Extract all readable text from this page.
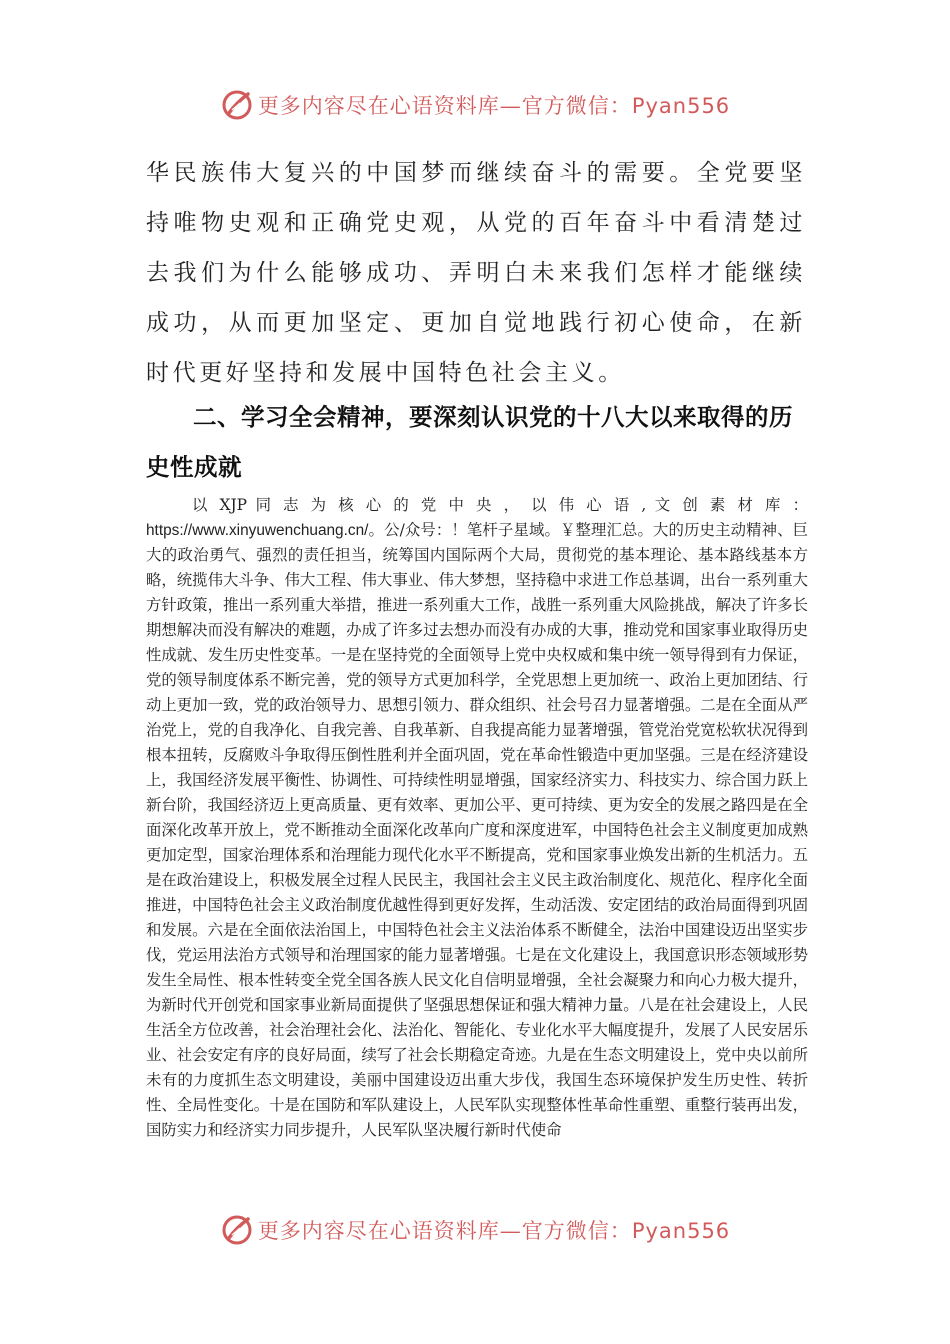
更多内容尽在心语资料库—官方微信：Pyan556

华民族伟大复兴的中国梦而继续奋斗的需要。全党要坚持唯物史观和正确党史观，从党的百年奋斗中看清楚过去我们为什么能够成功、弄明白未来我们怎样才能继续成功，从而更加坚定、更加自觉地践行初心使命，在新时代更好坚持和发展中国特色社会主义。

二、学习全会精神，要深刻认识党的十八大以来取得的历史性成就

以 XJP 同 志 为 核 心 的 党 中 央 ， 以 伟 心 语 , 文 创 素 材 库 ： https://www.xinyuwenchuang.cn/。公/众号：！笔杆子星域。￥整理汇总。大的历史主动精神、巨大的政治勇气、强烈的责任担当，统筹国内国际两个大局，贯彻党的基本理论、基本路线基本方略，统揽伟大斗争、伟大工程、伟大事业、伟大梦想，坚持稳中求进工作总基调，出台一系列重大方针政策，推出一系列重大举措，推进一系列重大工作，战胜一系列重大风险挑战，解决了许多长期想解决而没有解决的难题，办成了许多过去想办而没有办成的大事，推动党和国家事业取得历史性成就、发生历史性变革。一是在坚持党的全面领导上党中央权威和集中统一领导得到有力保证，党的领导制度体系不断完善，党的领导方式更加科学，全党思想上更加统一、政治上更加团结、行动上更加一致，党的政治领导力、思想引领力、群众组织、社会号召力显著增强。二是在全面从严治党上，党的自我净化、自我完善、自我革新、自我提高能力显著增强，管党治党宽松软状况得到根本扭转，反腐败斗争取得压倒性胜利并全面巩固，党在革命性锻造中更加坚强。三是在经济建设上，我国经济发展平衡性、协调性、可持续性明显增强，国家经济实力、科技实力、综合国力跃上新台阶，我国经济迈上更高质量、更有效率、更加公平、更可持续、更为安全的发展之路四是在全面深化改革开放上，党不断推动全面深化改革向广度和深度进军，中国特色社会主义制度更加成熟更加定型，国家治理体系和治理能力现代化水平不断提高，党和国家事业焕发出新的生机活力。五是在政治建设上，积极发展全过程人民民主，我国社会主义民主政治制度化、规范化、程序化全面推进，中国特色社会主义政治制度优越性得到更好发挥，生动活泼、安定团结的政治局面得到巩固和发展。六是在全面依法治国上，中国特色社会主义法治体系不断健全，法治中国建设迈出坚实步伐，党运用法治方式领导和治理国家的能力显著增强。七是在文化建设上，我国意识形态领域形势发生全局性、根本性转变全党全国各族人民文化自信明显增强，全社会凝聚力和向心力极大提升，为新时代开创党和国家事业新局面提供了坚强思想保证和强大精神力量。八是在社会建设上，人民生活全方位改善，社会治理社会化、法治化、智能化、专业化水平大幅度提升，发展了人民安居乐业、社会安定有序的良好局面，续写了社会长期稳定奇迹。九是在生态文明建设上，党中央以前所未有的力度抓生态文明建设，美丽中国建设迈出重大步伐，我国生态环境保护发生历史性、转折性、全局性变化。十是在国防和军队建设上，人民军队实现整体性革命性重塑、重整行装再出发，国防实力和经济实力同步提升，人民军队坚决履行新时代使命

更多内容尽在心语资料库—官方微信：Pyan556
